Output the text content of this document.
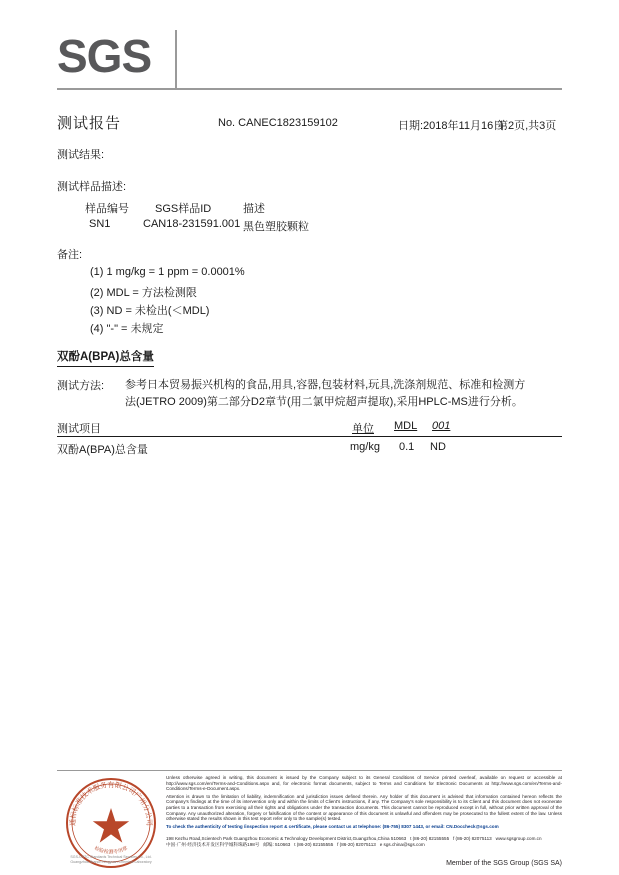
SGS
测试报告	No. CANEC1823159102	日期:2018年11月16日
第2页,共3页
测试结果:
测试样品描述:
样品编号 SGS样品ID	描述
SN1	CAN18-231591.001 黑色塑胶颗粒
备注:
(1) 1 mg/kg = 1 ppm = 0.0001%
(2) MDL = 方法检测限
(3) ND = 未检出(＜MDL)
(4) "-" = 未规定
双酚A(BPA)总含量
测试方法: 参考日本贸易振兴机构的食品,用具,容器,包装材料,玩具,洗涤剂规范、标准和检测方
法(JETRO 2009)第二部分D2章节(用二氯甲烷超声提取),采用HPLC-MS进行分析。
测试项目	单位 MDL 001
双酚A(BPA)总含量	mg/kg 0.1 ND
通标标准技术服务有限公司广州分公司
检验检测专用章
SGS-CSTC Standards Technical Services Co., Ltd.
Guangzhou Branch Ningyuan Chemical Laboratory
Unless otherwise agreed in writing, this document is issued by the Company subject to its General Conditions of Service printed overleaf, available on request or accessible at http://www.sgs.com/en/Terms-and-Conditions.aspx and, for electronic format documents, subject to Terms and Conditions for Electronic Documents at http://www.sgs.com/en/Terms-and-Conditions/Terms-e-Document.aspx.
Attention is drawn to the limitation of liability, indemnification and jurisdiction issues defined therein. Any holder of this document is advised that information contained hereon reflects the Company's findings at the time of its intervention only and within the limits of Client's instructions, if any. The Company's sole responsibility is to its Client and this document does not exonerate parties to a transaction from exercising all their rights and obligations under the transaction documents. This document cannot be reproduced except in full, without prior written approval of the Company. Any unauthorized alteration, forgery or falsification of the content or appearance of this document is unlawful and offenders may be prosecuted to the fullest extent of the law. Unless otherwise stated the results shown in this test report refer only to the sample(s) tested.
To check the authenticity of testing /inspection report & certificate, please contact us at telephone: (86-755) 8307 1443, or email: CN.Doccheck@sgs.com
198 Kezhu Road,Scientech Park Guangzhou Economic & Technology Development District,Guangzhou,China 510663 t (86-20) 82155555 f (86-20) 82075113 www.sgsgroup.com.cn
中国·广州·经济技术开发区科学城科珠路198号 邮编: 510663 t (86-20) 82155555 f (86-20) 82075113 e sgs.china@sgs.com
Member of the SGS Group (SGS SA)
